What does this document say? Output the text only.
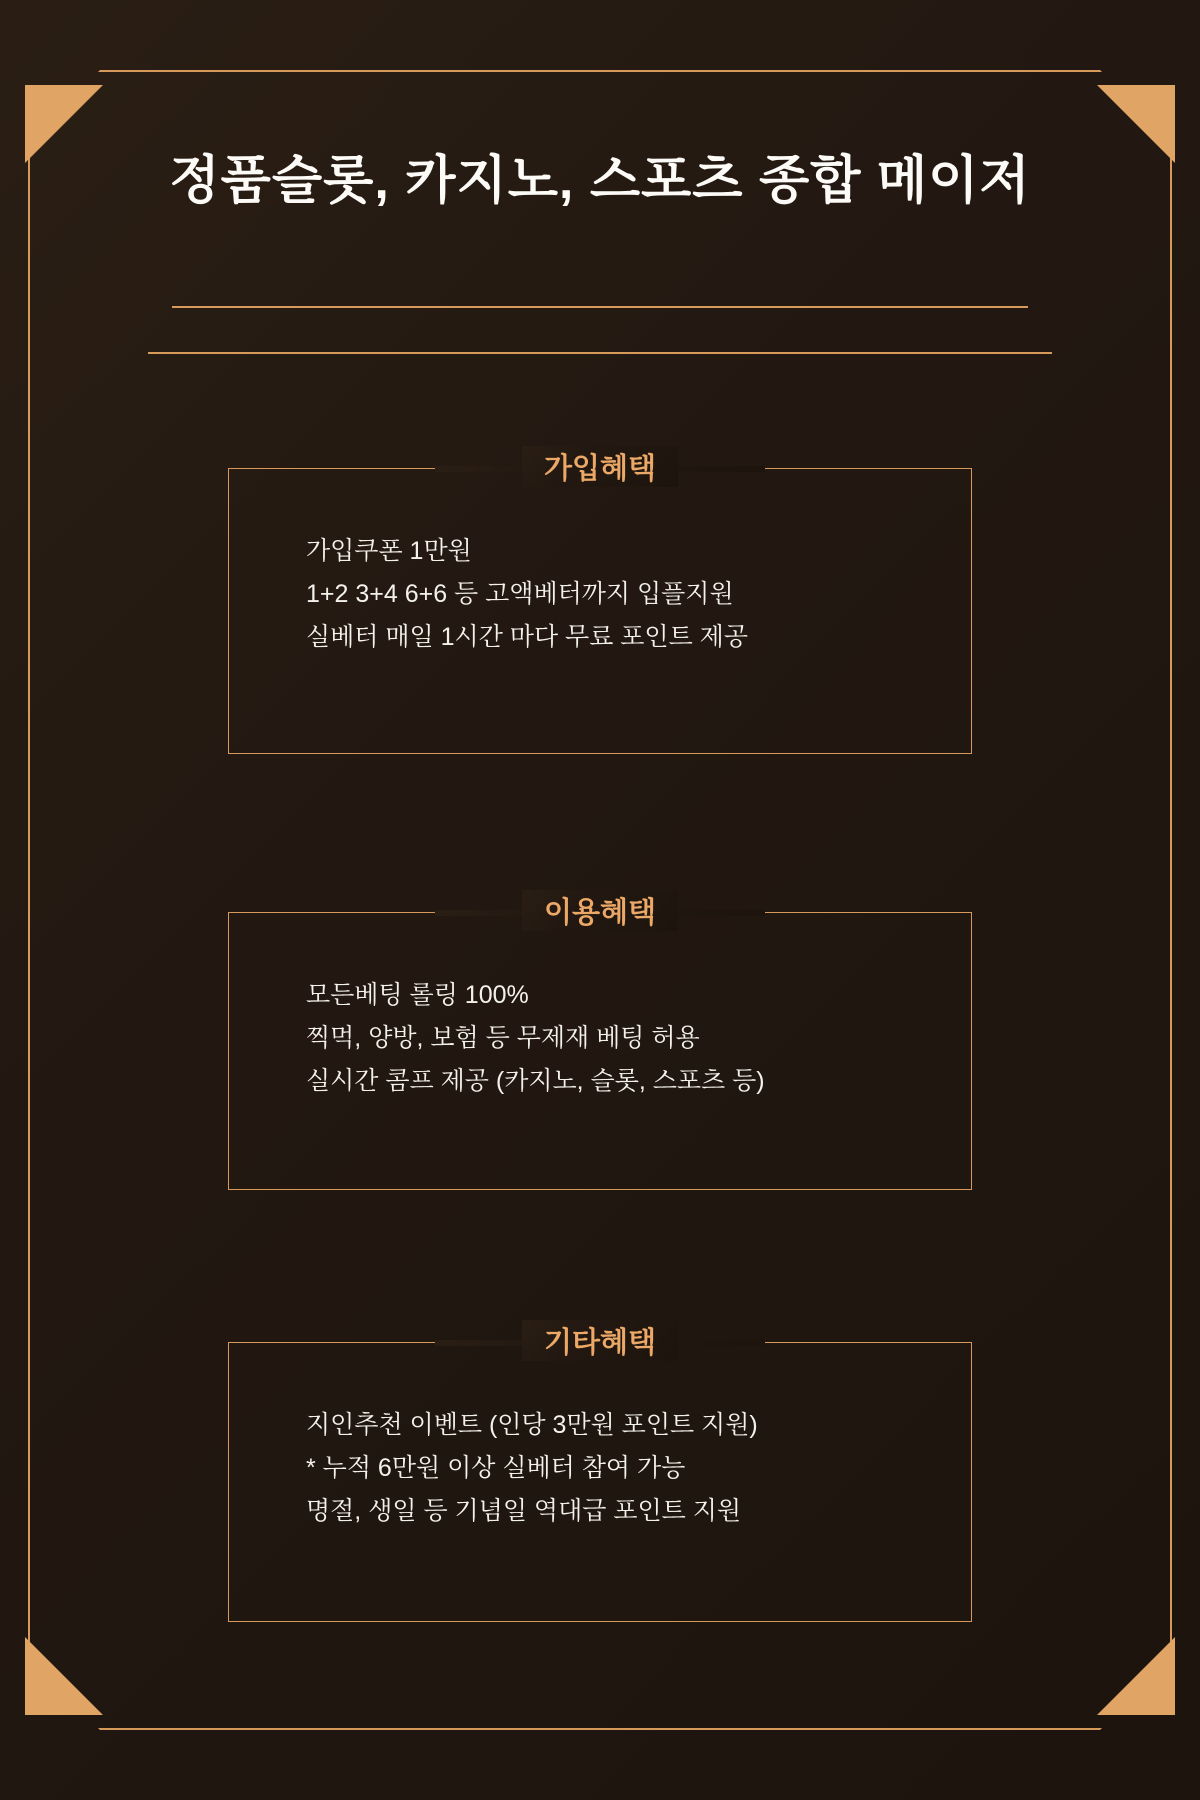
정품슬롯, 카지노, 스포츠 종합 메이저
가입혜택
가입쿠폰 1만원
1+2 3+4 6+6 등 고액베터까지 입플지원
실베터 매일 1시간 마다 무료 포인트 제공
이용혜택
모든베팅 롤링 100%
찍먹, 양방, 보험 등 무제재 베팅 허용
실시간 콤프 제공 (카지노, 슬롯, 스포츠 등)
기타혜택
지인추천 이벤트 (인당 3만원 포인트 지원)
* 누적 6만원 이상 실베터 참여 가능
명절, 생일 등 기념일 역대급 포인트 지원
